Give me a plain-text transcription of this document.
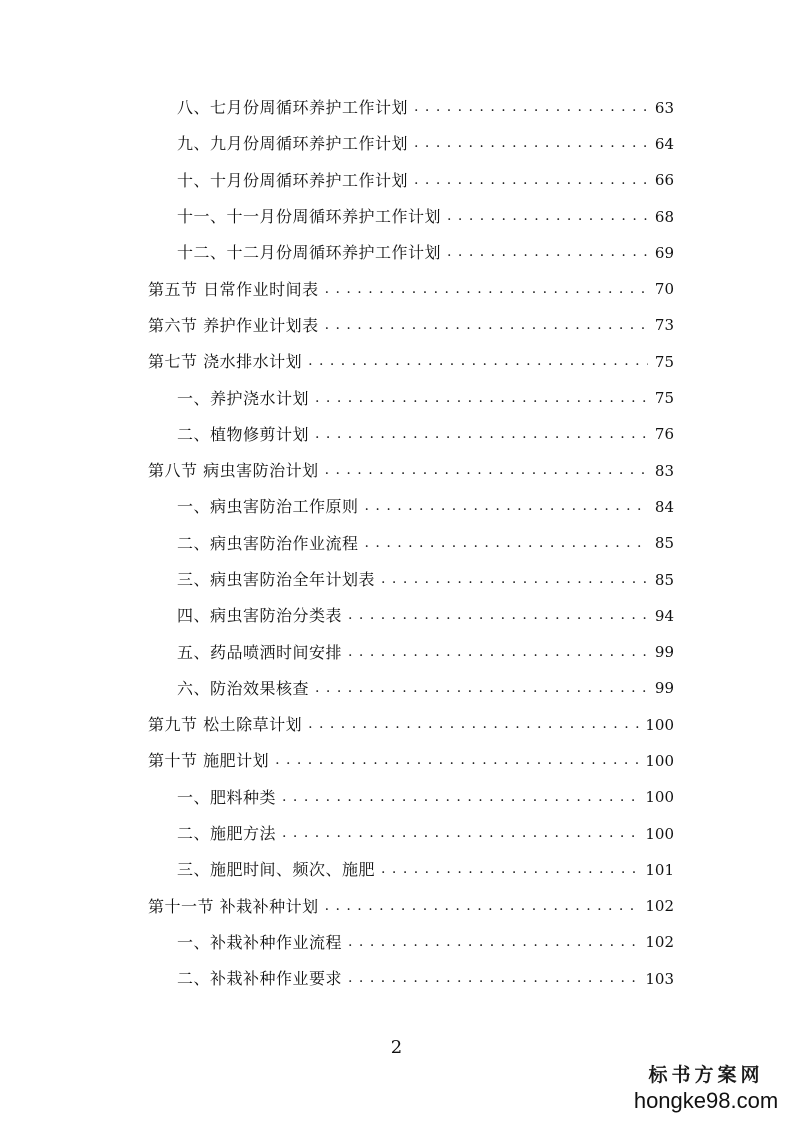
八、七月份周循环养护工作计划 . . .	63
九、九月份周循环养护工作计划 . . .	64
十、十月份周循环养护工作计划 . . .	66
十一、十一月份周循环养护工作计划 . . .	68
十二、十二月份周循环养护工作计划 . . .	69
第五节 日常作业时间表 . . .	70
第六节 养护作业计划表 . . .	73
第七节 浇水排水计划 . . .	75
一、养护浇水计划 . . .	75
二、植物修剪计划 . . .	76
第八节 病虫害防治计划 . . .	83
一、病虫害防治工作原则 . . .	84
二、病虫害防治作业流程 . . .	85
三、病虫害防治全年计划表 . . .	85
四、病虫害防治分类表 . . .	94
五、药品喷洒时间安排 . . .	99
六、防治效果核查 . . .	99
第九节 松土除草计划 . . .	100
第十节 施肥计划 . . .	100
一、肥料种类 . . .	100
二、施肥方法 . . .	100
三、施肥时间、频次、施肥 . . .	101
第十一节 补栽补种计划 . . .	102
一、补栽补种作业流程 . . .	102
二、补栽补种作业要求 . . .	103
2
标书方案网
hongke98.com
